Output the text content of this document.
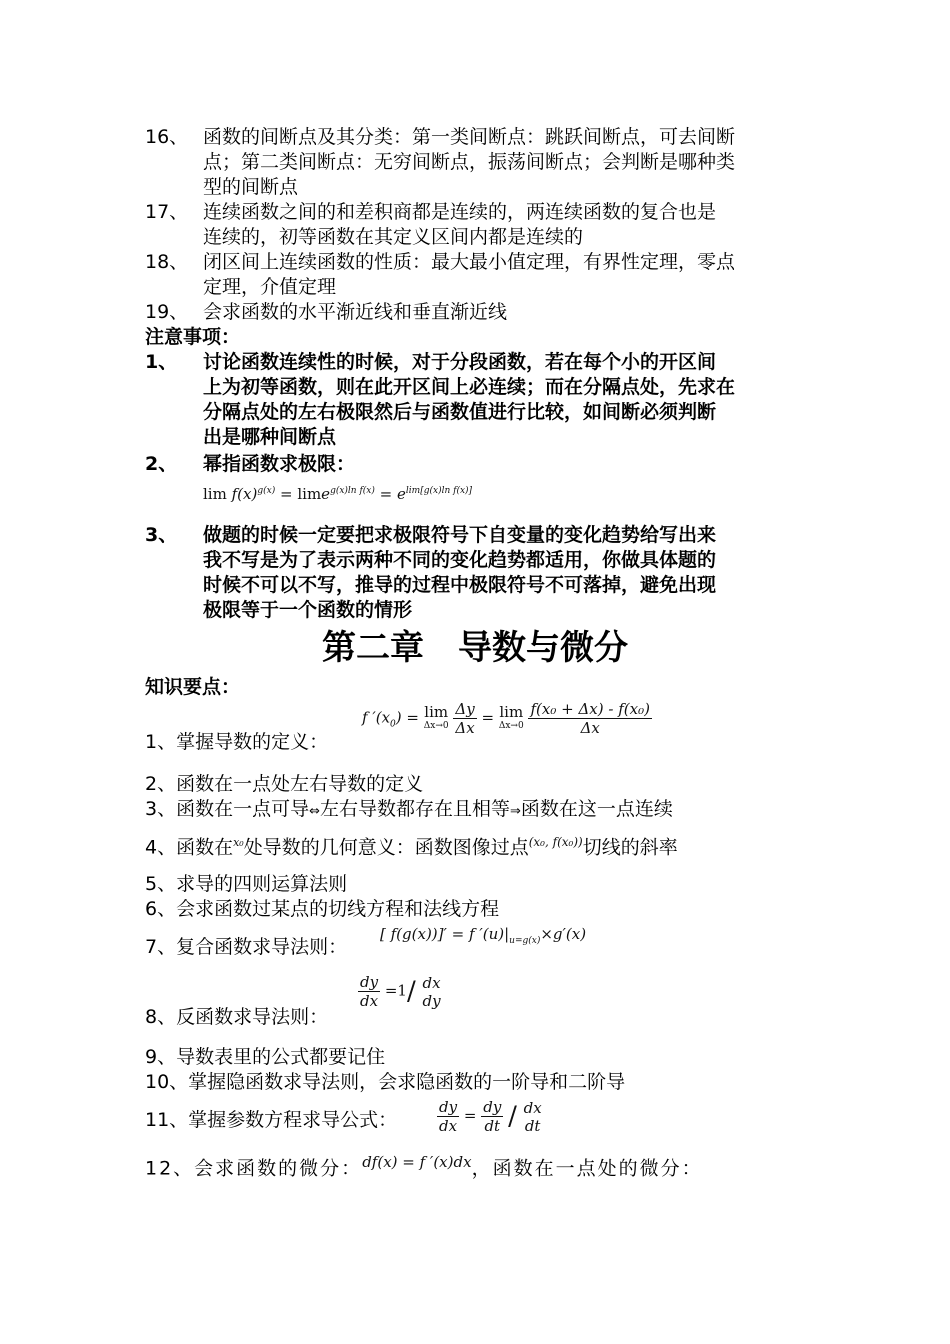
16、 函数的间断点及其分类：第一类间断点：跳跃间断点，可去间断
点；第二类间断点：无穷间断点，振荡间断点；会判断是哪种类
型的间断点
17、 连续函数之间的和差积商都是连续的，两连续函数的复合也是
连续的，初等函数在其定义区间内都是连续的
18、 闭区间上连续函数的性质：最大最小值定理，有界性定理，零点
定理，介值定理
19、 会求函数的水平渐近线和垂直渐近线
注意事项：
1、 讨论函数连续性的时候，对于分段函数，若在每个小的开区间
上为初等函数，则在此开区间上必连续；而在分隔点处，先求在
分隔点处的左右极限然后与函数值进行比较，如间断必须判断
出是哪种间断点
2、 幂指函数求极限：
$\lim f(x)^{g(x)} = \lim e^{g(x)ln f(x)} = e^{lim[g(x)ln f(x)]}$
3、 做题的时候一定要把求极限符号下自变量的变化趋势给写出来
我不写是为了表示两种不同的变化趋势都适用，你做具体题的
时候不可以不写，推导的过程中极限符号不可落掉，避免出现
极限等于一个函数的情形
第二章　导数与微分
知识要点：
1、掌握导数的定义：
f $'(x_0) = \lim$
Δx→0
$\frac{\Delta y}{\Delta x} = \lim$
Δx→0
$\frac{\text{f(x₀ + Δx) - f(x₀)}}{\Delta x}$
2、函数在一点处左右导数的定义
3、函数在一点可导⇔左右导数都存在且相等⇒函数在这一点连续
4、函数在$^{x_0}$处导数的几何意义：函数图像过点$^{(x_0, f(x_0))}$切线的斜率
5、求导的四则运算法则
6、会求函数过某点的切线方程和法线方程
7、复合函数求导法则：
[ f(g(x))]′ = f $'(u)|_{u=g(x)}\times g'(x)$
8、反函数求导法则：
$\frac{dy}{dx} =1/$ dx
dy
9、导数表里的公式都要记住
10、掌握隐函数求导法则，会求隐函数的一阶导和二阶导
11、掌握参数方程求导公式：	$\frac{dy}{dx} = \frac{dy}{dt}$ / dx
dt
12、会求函数的微分：$^{df(x) = f '(x)dx}$，函数在一点处的微分：
